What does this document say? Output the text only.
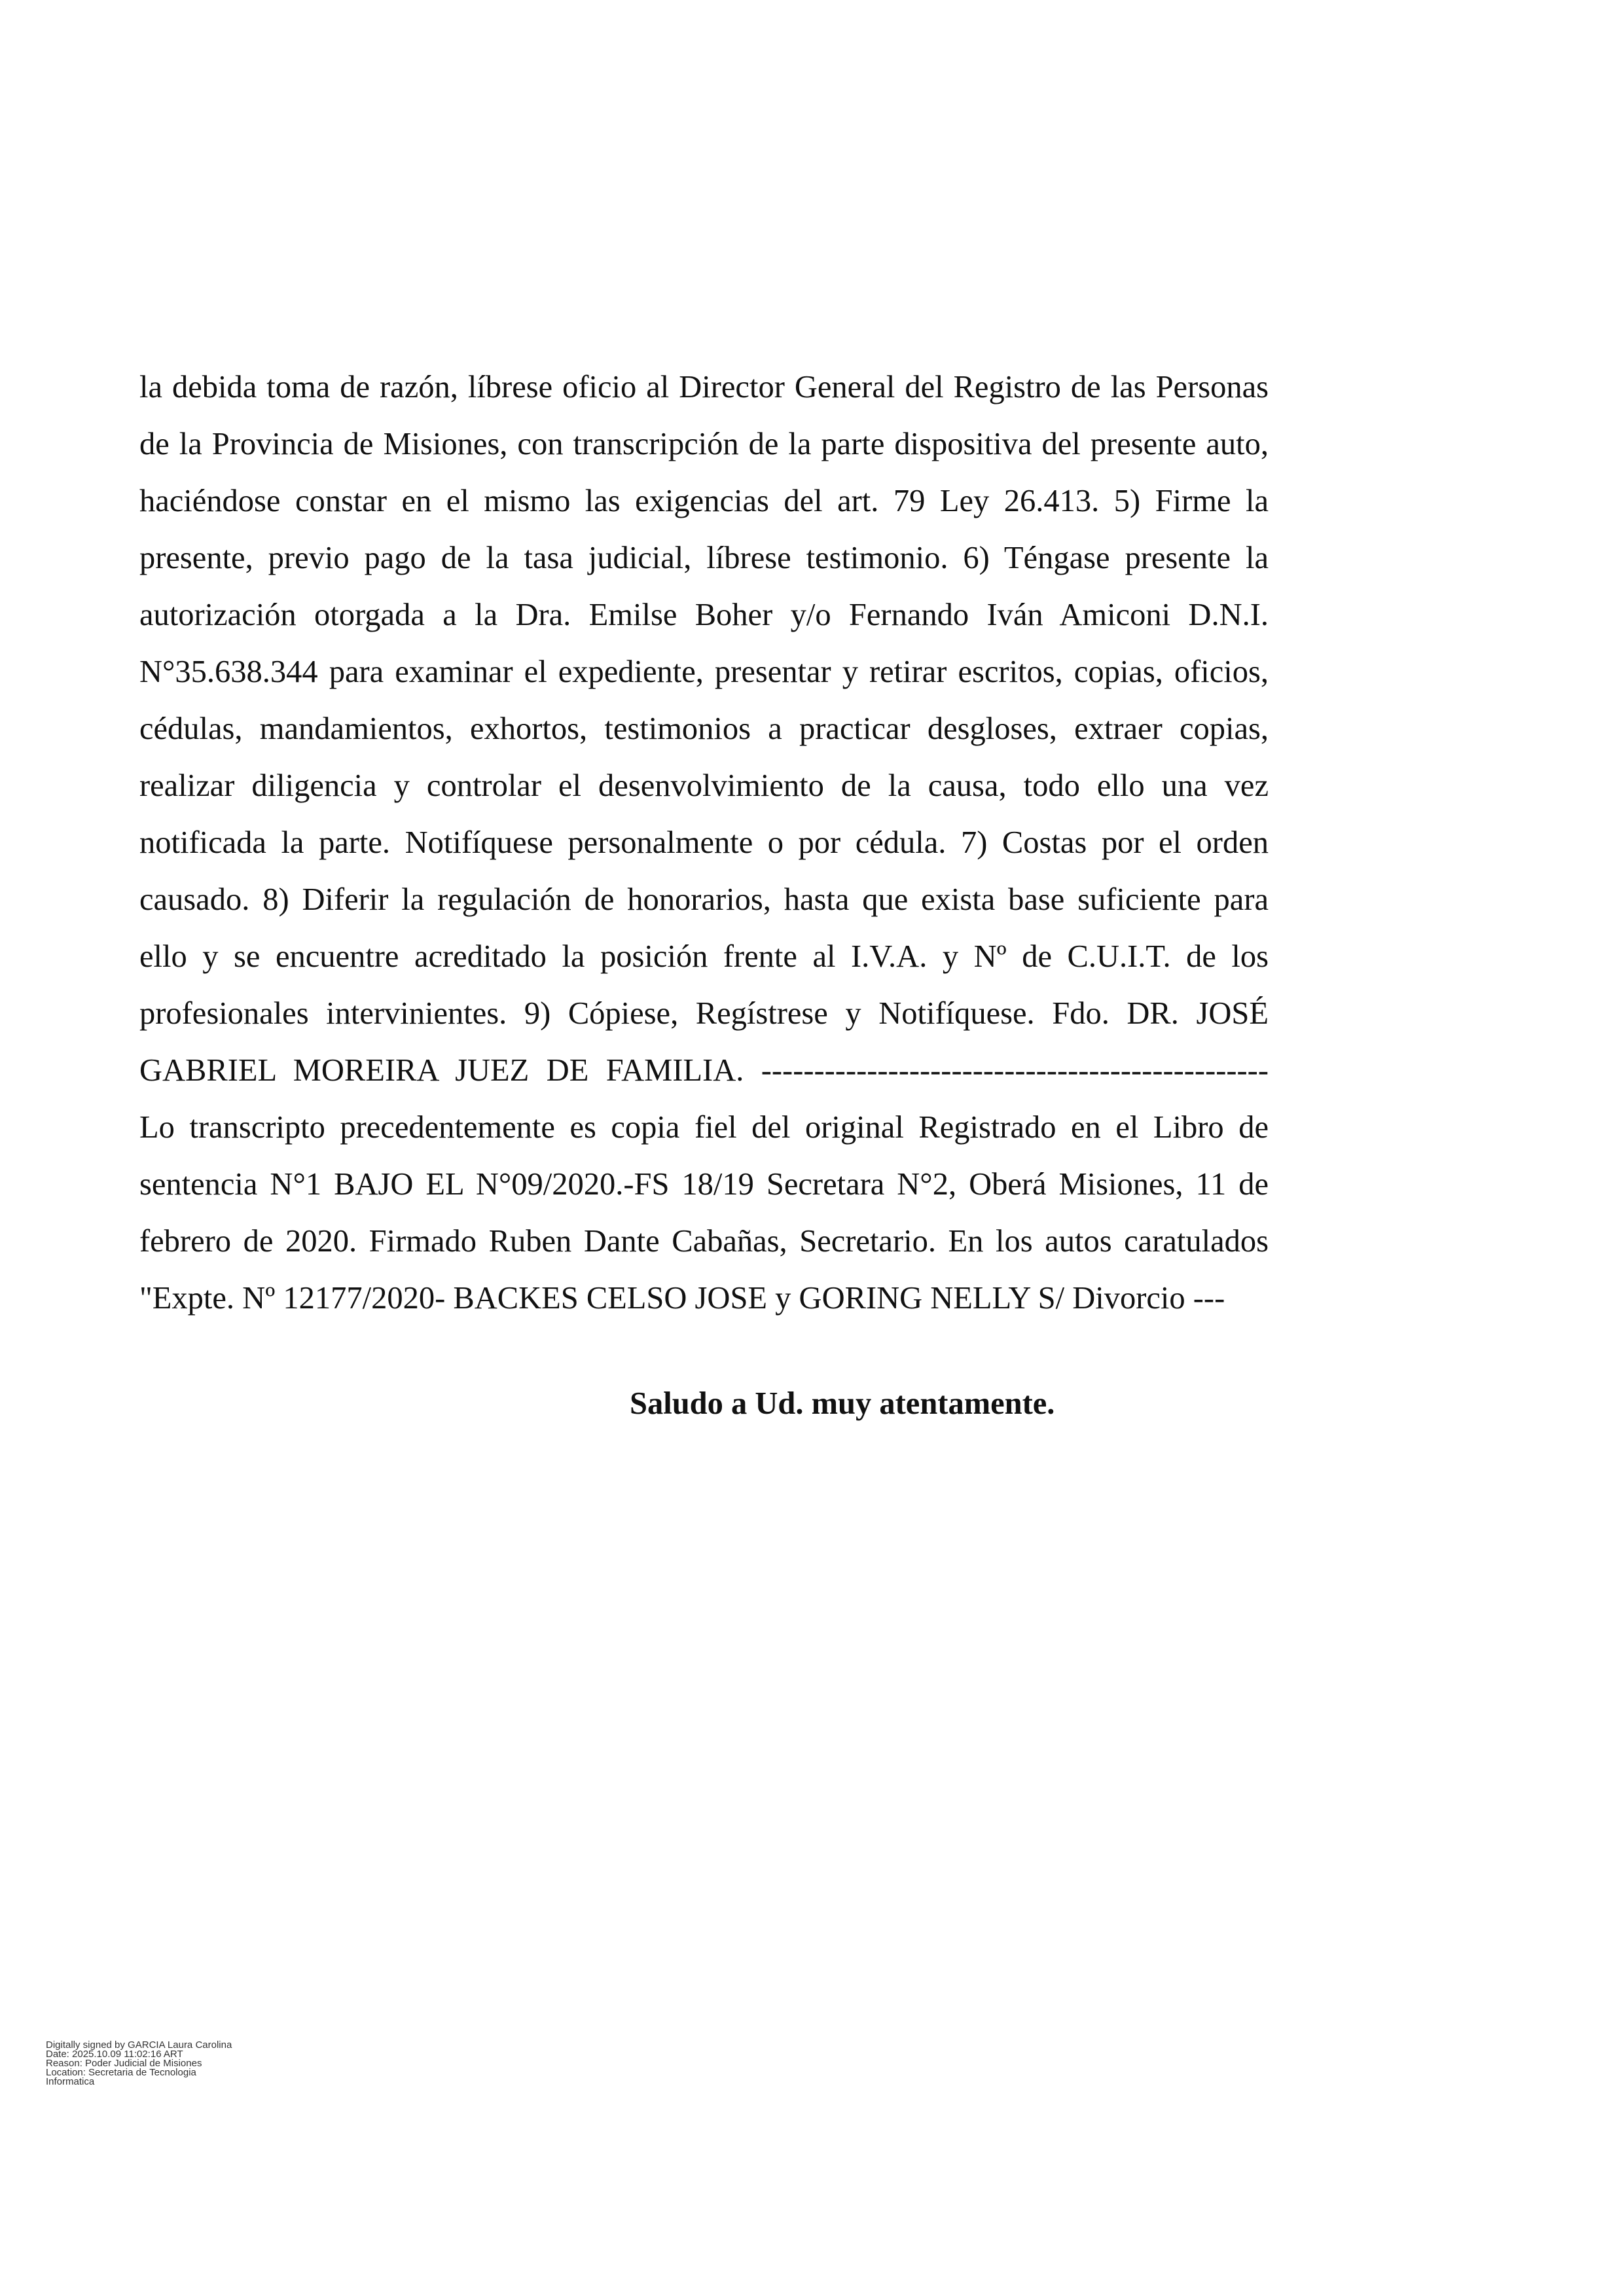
la debida toma de razón, líbrese oficio al Director General del Registro de las Personas
de la Provincia de Misiones, con transcripción de la parte dispositiva del presente auto,
haciéndose constar en el mismo las exigencias del art. 79 Ley 26.413. 5) Firme la
presente, previo pago de la tasa judicial, líbrese testimonio. 6) Téngase presente la
autorización otorgada a la Dra. Emilse Boher y/o Fernando Iván Amiconi D.N.I.
N°35.638.344 para examinar el expediente, presentar y retirar escritos, copias, oficios,
cédulas, mandamientos, exhortos, testimonios a practicar desgloses, extraer copias,
realizar diligencia y controlar el desenvolvimiento de la causa, todo ello una vez
notificada la parte. Notifíquese personalmente o por cédula. 7) Costas por el orden
causado. 8) Diferir la regulación de honorarios, hasta que exista base suficiente para
ello y se encuentre acreditado la posición frente al I.V.A. y Nº de C.U.I.T. de los
profesionales intervinientes. 9) Cópiese, Regístrese y Notifíquese. Fdo. DR. JOSÉ
GABRIEL MOREIRA JUEZ DE FAMILIA. ------------------------------------------------
Lo transcripto precedentemente es copia fiel del original Registrado en el Libro de
sentencia N°1 BAJO EL N°09/2020.-FS 18/19 Secretara N°2, Oberá Misiones, 11 de
febrero de 2020. Firmado Ruben Dante Cabañas, Secretario. En los autos caratulados
"Expte. Nº 12177/2020- BACKES CELSO JOSE y GORING NELLY S/ Divorcio ---
Saludo a Ud. muy atentamente.
Digitally signed by GARCIA Laura Carolina
Date: 2025.10.09 11:02:16 ART
Reason: Poder Judicial de Misiones
Location: Secretaria de Tecnologia
Informatica
